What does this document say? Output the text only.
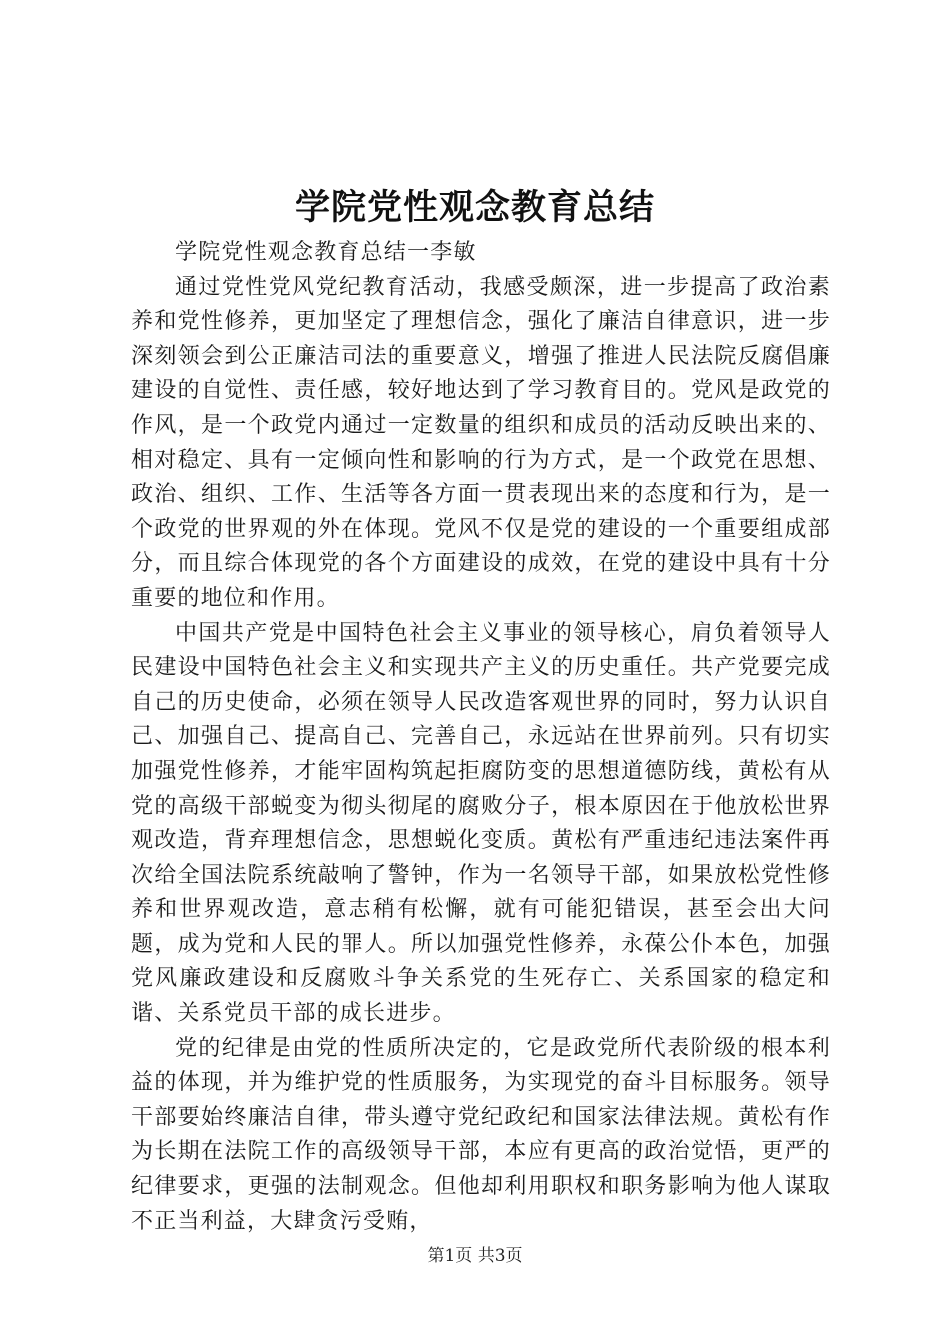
学院党性观念教育总结
学院党性观念教育总结一李敏

通过党性党风党纪教育活动，我感受颇深，进一步提高了政治素养和党性修养，更加坚定了理想信念，强化了廉洁自律意识，进一步深刻领会到公正廉洁司法的重要意义，增强了推进人民法院反腐倡廉建设的自觉性、责任感，较好地达到了学习教育目的。党风是政党的作风，是一个政党内通过一定数量的组织和成员的活动反映出来的、相对稳定、具有一定倾向性和影响的行为方式，是一个政党在思想、政治、组织、工作、生活等各方面一贯表现出来的态度和行为，是一个政党的世界观的外在体现。党风不仅是党的建设的一个重要组成部分，而且综合体现党的各个方面建设的成效，在党的建设中具有十分重要的地位和作用。

中国共产党是中国特色社会主义事业的领导核心，肩负着领导人民建设中国特色社会主义和实现共产主义的历史重任。共产党要完成自己的历史使命，必须在领导人民改造客观世界的同时，努力认识自己、加强自己、提高自己、完善自己，永远站在世界前列。只有切实加强党性修养，才能牢固构筑起拒腐防变的思想道德防线，黄松有从党的高级干部蜕变为彻头彻尾的腐败分子，根本原因在于他放松世界观改造，背弃理想信念，思想蜕化变质。黄松有严重违纪违法案件再次给全国法院系统敲响了警钟，作为一名领导干部，如果放松党性修养和世界观改造，意志稍有松懈，就有可能犯错误，甚至会出大问题，成为党和人民的罪人。所以加强党性修养，永葆公仆本色，加强党风廉政建设和反腐败斗争关系党的生死存亡、关系国家的稳定和谐、关系党员干部的成长进步。

党的纪律是由党的性质所决定的，它是政党所代表阶级的根本利益的体现，并为维护党的性质服务，为实现党的奋斗目标服务。领导干部要始终廉洁自律，带头遵守党纪政纪和国家法律法规。黄松有作为长期在法院工作的高级领导干部，本应有更高的政治觉悟，更严的纪律要求，更强的法制观念。但他却利用职权和职务影响为他人谋取不正当利益，大肆贪污受贿，

第1页 共3页
